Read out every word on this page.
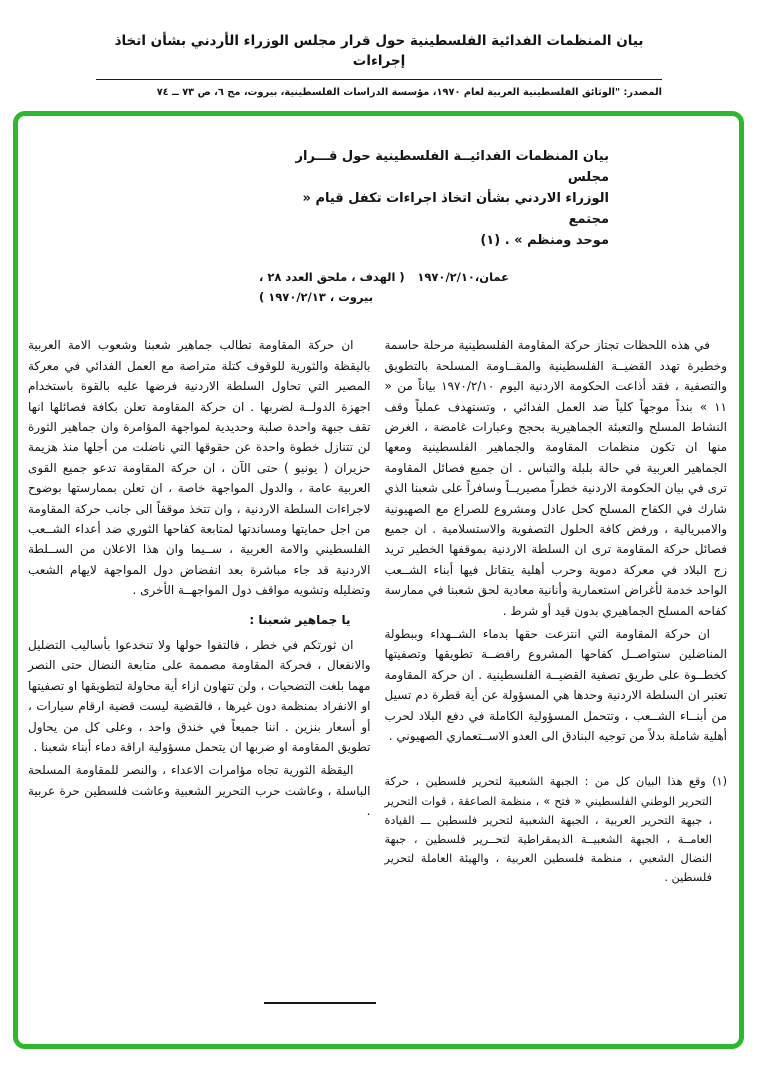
بيان المنظمات الفدائية الفلسطينية حول قرار مجلس الوزراء الأردني بشأن اتخاذ إجراءات
المصدر: "الوثائق الفلسطينية العربية لعام ١٩٧٠، مؤسسة الدراسات الفلسطينية، بيروت، مج ٦، ص ٧٣ ــ ٧٤
بيان المنظمات الفدائيــة الفلسطينية حول قـــرار مجلس
الوزراء الاردني بشأن اتخاذ اجراءات تكفل قيام « مجتمع
موحد ومنظم » . (١)
عمان،١٩٧٠/٢/١٠
( الهدف ، ملحق العدد ٢٨ ،
بيروت ، ١٩٧٠/٢/١٣ )

في هذه اللحظات تجتاز حركة المقاومة الفلسطينية مرحلة حاسمة وخطيرة تهدد القضيــة الفلسطينية والمقــاومة المسلحة بالتطويق والتصفية ، فقد أذاعت الحكومة الاردنية اليوم ١٩٧٠/٢/١٠ بياناً من « ١١ » بنداً موجهاً كلياً ضد العمل الفدائي ، وتستهدف عملياً وقف النشاط المسلح والتعبئة الجماهيرية بحجج وعبارات غامضة ، الغرض منها ان تكون منظمات المقاومة والجماهير الفلسطينية ومعها الجماهير العربية في حالة بلبلة والتباس . ان جميع فصائل المقاومة ترى في بيان الحكومة الاردنية خطراً مصيريــاً وسافراً على شعبنا الذي شارك في الكفاح المسلح كحل عادل ومشروع للصراع مع الصهيونية والامبريالية ، ورفض كافة الحلول التصفوية والاستسلامية . ان جميع فصائل حركة المقاومة ترى ان السلطة الاردنية بموقفها الخطير تريد زج البلاد في معركة دموية وحرب أهلية يتقاتل فيها أبناء الشــعب الواحد خدمة لأغراض استعمارية وأنانية معادية لحق شعبنا في ممارسة كفاحه المسلح الجماهيري بدون قيد أو شرط .

ان حركة المقاومة التي انتزعت حقها بدماء الشــهداء وببطولة المناضلين ستواصــل كفاحها المشروع رافضــة تطويقها وتصفيتها كخطــوة على طريق تصفية القضيــة الفلسطينية . ان حركة المقاومة تعتبر ان السلطة الاردنية وحدها هي المسؤولة عن أية قطرة دم تسيل من أبنــاء الشــعب ، وتتحمل المسؤولية الكاملة في دفع البلاد لحرب أهلية شاملة بدلاً من توجيه البنادق الى العدو الاســتعماري الصهيوني .

(١) وقع هذا البيان كل من : الجبهة الشعبية لتحرير فلسطين ، حركة التحرير الوطني الفلسطيني « فتح » ، منظمة الصاعقة ، قوات التحرير ، جبهة التحرير العربية ، الجبهة الشعبية لتحرير فلسطين ـــ القيادة العامــة ، الجبهة الشعبيــة الديمقراطية لتحــرير فلسطين ، جبهة النضال الشعبي ، منظمة فلسطين العربية ، والهيئة العاملة لتحرير فلسطين .

ان حركة المقاومة تطالب جماهير شعبنا وشعوب الامة العربية باليقظة والثورية للوقوف كتلة متراصة مع العمل الفدائي في معركة المصير التي تحاول السلطة الاردنية فرضها عليه بالقوة باستخدام اجهزة الدولــة لضربها . ان حركة المقاومة تعلن بكافة فصائلها انها تقف جبهة واحدة صلبة وحديدية لمواجهة المؤامرة وان جماهير الثورة لن تتنازل خطوة واحدة عن حقوقها التي ناضلت من أجلها منذ هزيمة حزيران ( يونيو ) حتى الآن ، ان حركة المقاومة تدعو جميع القوى العربية عامة ، والدول المواجهة خاصة ، ان تعلن بممارستها بوضوح لاجراءات السلطة الاردنية ، وان تتخذ موقفاً الى جانب حركة المقاومة من اجل حمايتها ومساندتها لمتابعة كفاحها الثوري ضد أعداء الشــعب الفلسطيني والامة العربية ، ســيما وان هذا الاعلان من الســلطة الاردنية قد جاء مباشرة بعد انفضاض دول المواجهة لايهام الشعب وتضليله وتشويه مواقف دول المواجهــة الأخرى .

يا جماهير شعبنا :

ان ثورتكم في خطر ، فالتفوا حولها ولا تنخدعوا بأساليب التضليل والانفعال ، فحركة المقاومة مصممة على متابعة النضال حتى النصر مهما بلغت التضحيات ، ولن تتهاون ازاء أية محاولة لتطويقها او تصفيتها او الانفراد بمنظمة دون غيرها ، فالقضية ليست قضية ارقام سيارات ، أو أسعار بنزين . اننا جميعاً في خندق واحد ، وعلى كل من يحاول تطويق المقاومة او ضربها ان يتحمل مسؤولية اراقة دماء أبناء شعبنا .

اليقظة الثورية تجاه مؤامرات الاعداء ، والنصر للمقاومة المسلحة الباسلة ، وعاشت حرب التحرير الشعبية وعاشت فلسطين حرة عربية .
